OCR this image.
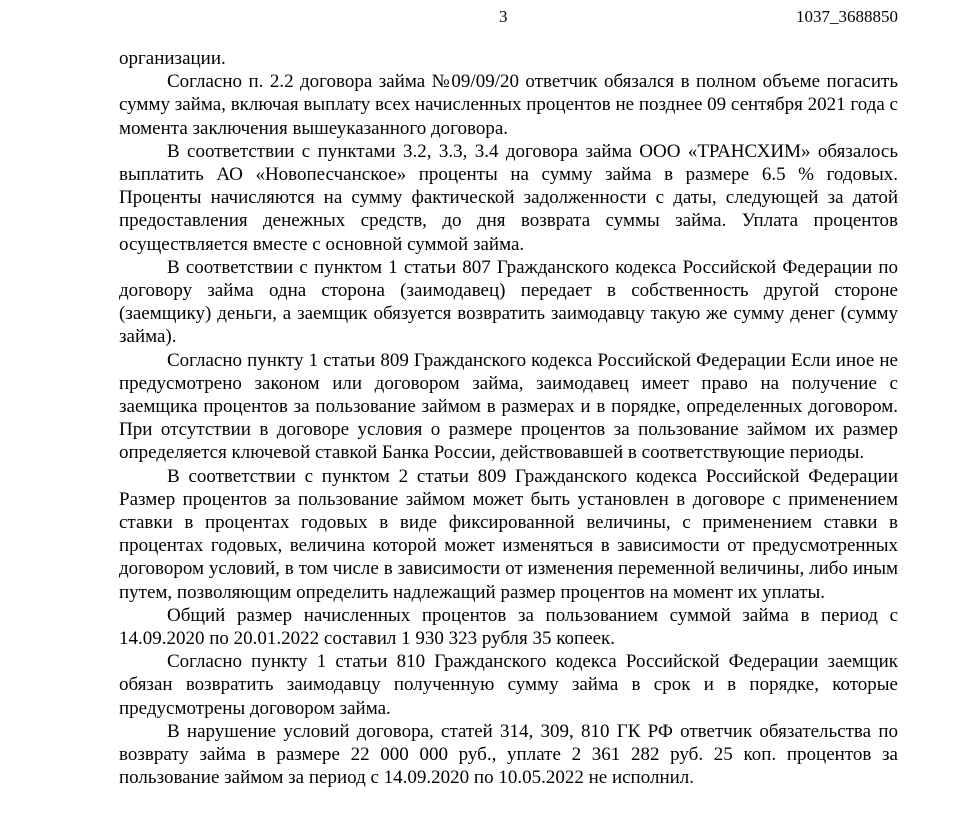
3	1037_3688850

организации.

Согласно п. 2.2 договора займа №09/09/20 ответчик обязался в полном объеме погасить сумму займа, включая выплату всех начисленных процентов не позднее 09 сентября 2021 года с момента заключения вышеуказанного договора.

В соответствии с пунктами 3.2, 3.3, 3.4 договора займа ООО «ТРАНСХИМ» обязалось выплатить АО «Новопесчанское» проценты на сумму займа в размере 6.5 % годовых. Проценты начисляются на сумму фактической задолженности с даты, следующей за датой предоставления денежных средств, до дня возврата суммы займа. Уплата процентов осуществляется вместе с основной суммой займа.

В соответствии с пунктом 1 статьи 807 Гражданского кодекса Российской Федерации по договору займа одна сторона (заимодавец) передает в собственность другой стороне (заемщику) деньги, а заемщик обязуется возвратить заимодавцу такую же сумму денег (сумму займа).

Согласно пункту 1 статьи 809 Гражданского кодекса Российской Федерации Если иное не предусмотрено законом или договором займа, заимодавец имеет право на получение с заемщика процентов за пользование займом в размерах и в порядке, определенных договором. При отсутствии в договоре условия о размере процентов за пользование займом их размер определяется ключевой ставкой Банка России, действовавшей в соответствующие периоды.

В соответствии с пунктом 2 статьи 809 Гражданского кодекса Российской Федерации Размер процентов за пользование займом может быть установлен в договоре с применением ставки в процентах годовых в виде фиксированной величины, с применением ставки в процентах годовых, величина которой может изменяться в зависимости от предусмотренных договором условий, в том числе в зависимости от изменения переменной величины, либо иным путем, позволяющим определить надлежащий размер процентов на момент их уплаты.

Общий размер начисленных процентов за пользованием суммой займа в период с 14.09.2020 по 20.01.2022 составил 1 930 323 рубля 35 копеек.

Согласно пункту 1 статьи 810 Гражданского кодекса Российской Федерации заемщик обязан возвратить заимодавцу полученную сумму займа в срок и в порядке, которые предусмотрены договором займа.

В нарушение условий договора, статей 314, 309, 810 ГК РФ ответчик обязательства по возврату займа в размере 22 000 000 руб., уплате 2 361 282 руб. 25 коп. процентов за пользование займом за период с 14.09.2020 по 10.05.2022 не исполнил.
